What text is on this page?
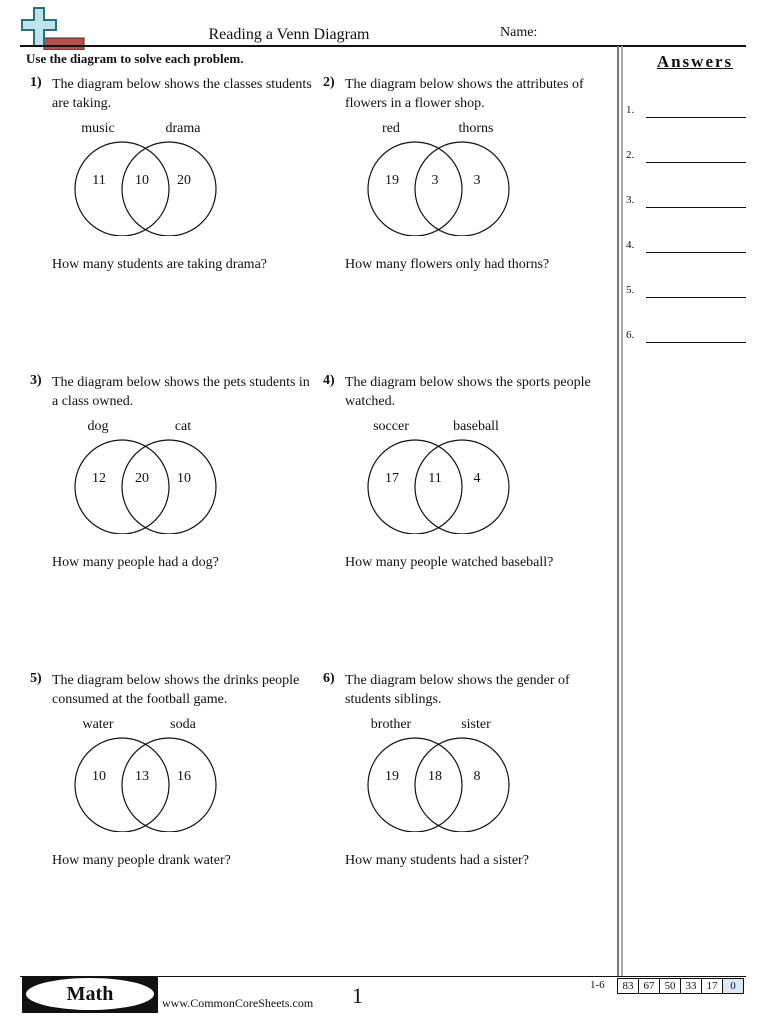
Reading a Venn Diagram	Name:
Use the diagram to solve each problem.	Answers
1.
2.
3.
4.
5.
6.
1) The diagram below shows the classes students are taking.
music	drama
11	10	20
How many students are taking drama?
2) The diagram below shows the attributes of flowers in a flower shop.
red	thorns
19	3	3
How many flowers only had thorns?
3) The diagram below shows the pets students in a class owned.
dog	cat
12	20	10
How many people had a dog?
4) The diagram below shows the sports people watched.
soccer	baseball
17	11	4
How many people watched baseball?
5) The diagram below shows the drinks people consumed at the football game.
water	soda
10	13	16
How many people drank water?
6) The diagram below shows the gender of students siblings.
brother	sister
19	18	8
How many students had a sister?
Math	www.CommonCoreSheets.com 1	1-6	83 67 50 33 17	0
